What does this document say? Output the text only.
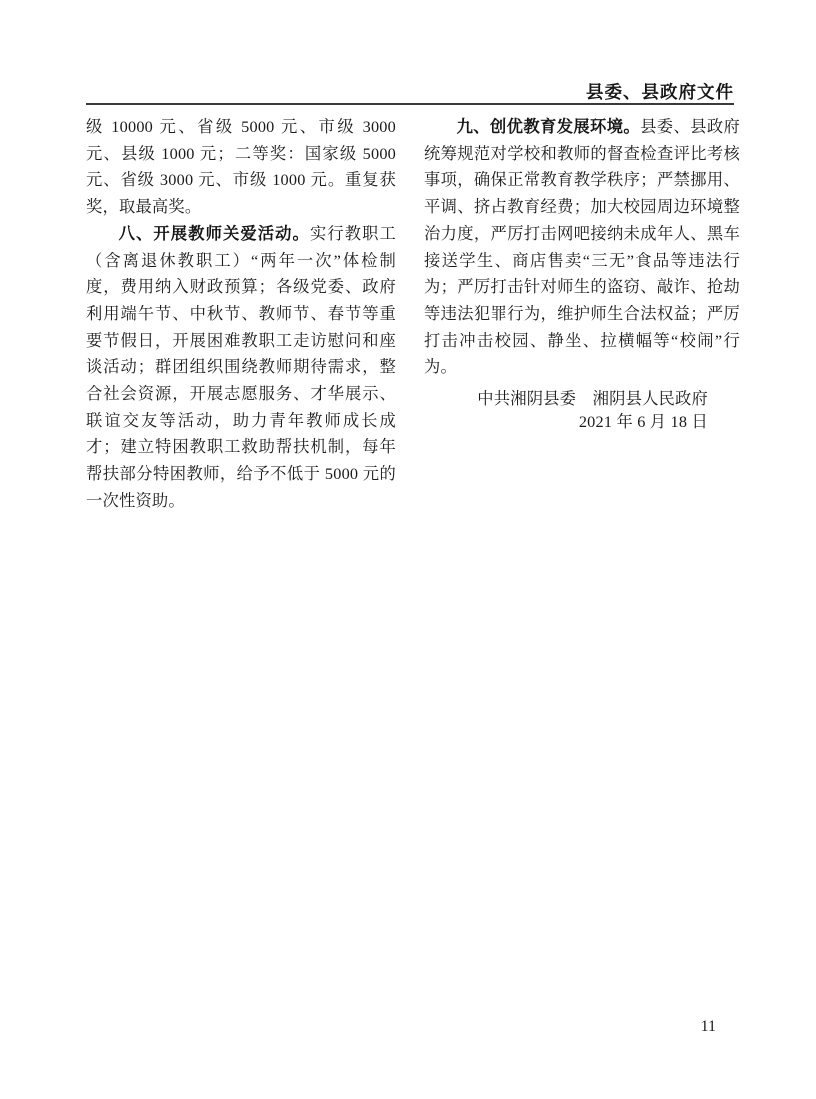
县委、县政府文件

级 10000 元、省级 5000 元、市级 3000 元、县级 1000 元；二等奖：国家级 5000 元、省级 3000 元、市级 1000 元。重复获奖，取最高奖。

八、开展教师关爱活动。实行教职工（含离退休教职工）“两年一次”体检制度，费用纳入财政预算；各级党委、政府利用端午节、中秋节、教师节、春节等重要节假日，开展困难教职工走访慰问和座谈活动；群团组织围绕教师期待需求，整合社会资源，开展志愿服务、才华展示、联谊交友等活动，助力青年教师成长成才；建立特困教职工救助帮扶机制，每年帮扶部分特困教师，给予不低于 5000 元的一次性资助。

九、创优教育发展环境。县委、县政府统筹规范对学校和教师的督查检查评比考核事项，确保正常教育教学秩序；严禁挪用、平调、挤占教育经费；加大校园周边环境整治力度，严厉打击网吧接纳未成年人、黑车接送学生、商店售卖“三无”食品等违法行为；严厉打击针对师生的盗窃、敲诈、抢劫等违法犯罪行为，维护师生合法权益；严厉打击冲击校园、静坐、拉横幅等“校闹”行为。

中共湘阴县委　湘阴县人民政府
2021 年 6 月 18 日
11
